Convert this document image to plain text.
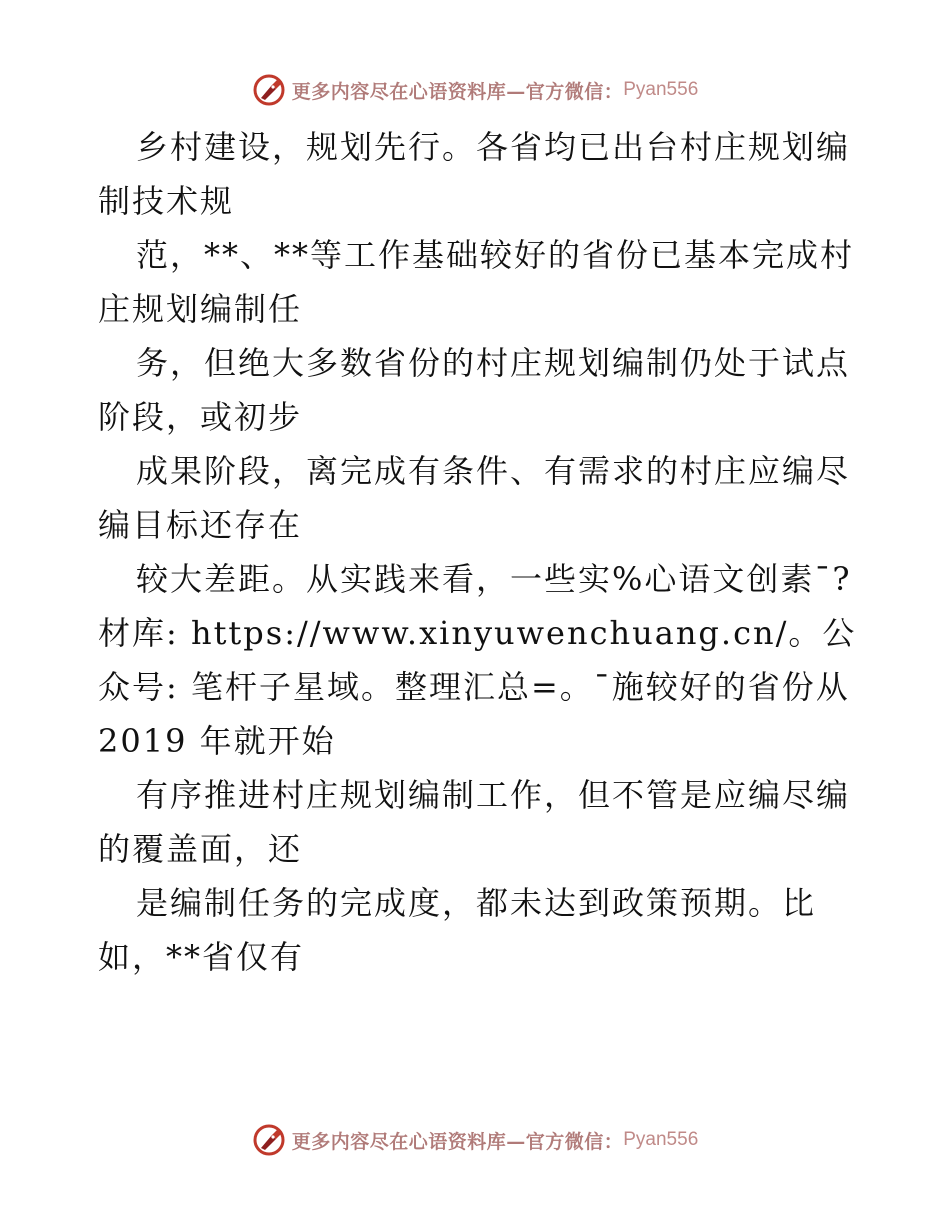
更多内容尽在心语资料库—官方微信： Pyan556

乡村建设，规划先行。各省均已出台村庄规划编制技术规

范，**、**等工作基础较好的省份已基本完成村庄规划编制任

务，但绝大多数省份的村庄规划编制仍处于试点阶段，或初步

成果阶段，离完成有条件、有需求的村庄应编尽编目标还存在

较大差距。从实践来看，一些实%心语文创素¯?材库: https://www.xinyuwenchuang.cn/。公众号: 笔杆子星域。整理汇总=。¯施较好的省份从2019 年就开始

有序推进村庄规划编制工作，但不管是应编尽编的覆盖面，还

是编制任务的完成度，都未达到政策预期。比如，**省仅有

更多内容尽在心语资料库—官方微信： Pyan556
